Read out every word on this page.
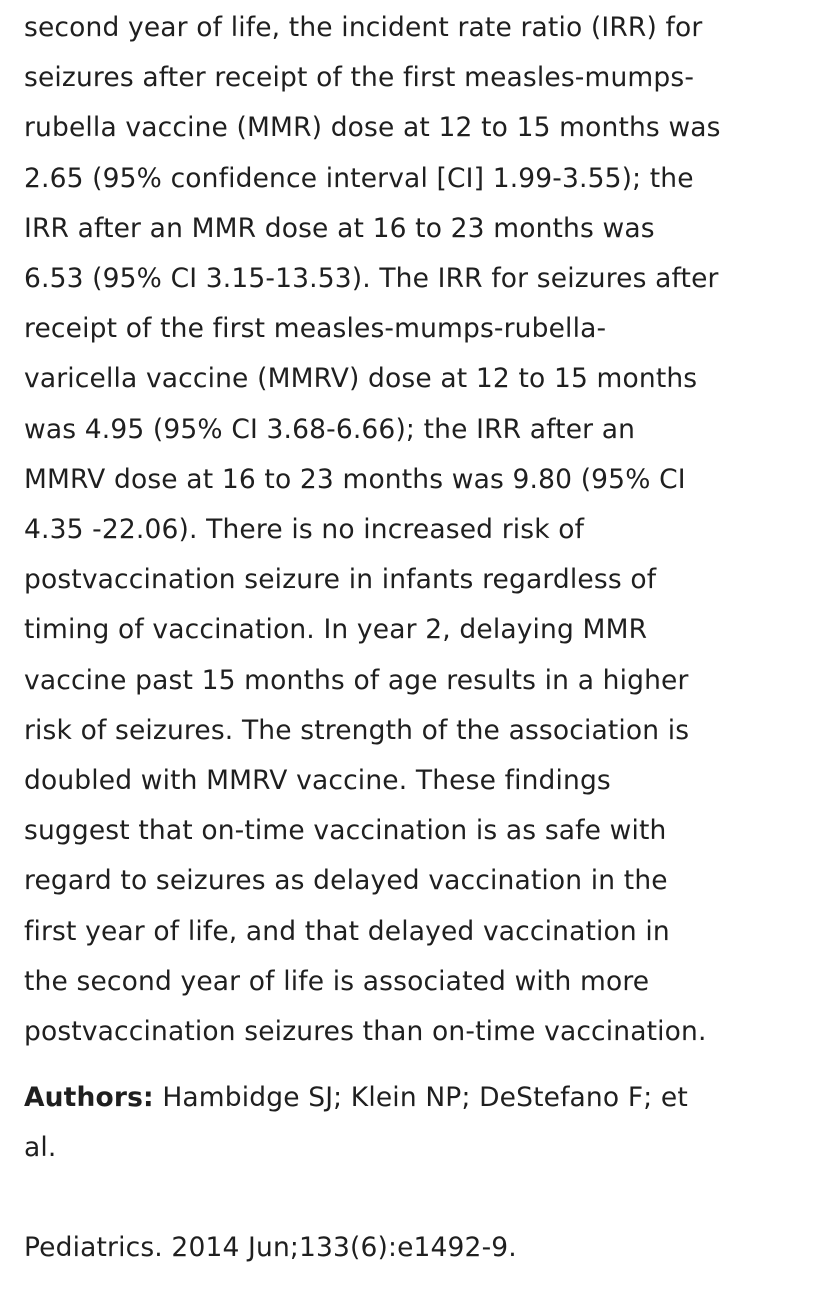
second year of life, the incident rate ratio (IRR) for
seizures after receipt of the first measles-mumps-
rubella vaccine (MMR) dose at 12 to 15 months was
2.65 (95% confidence interval [CI] 1.99-3.55); the
IRR after an MMR dose at 16 to 23 months was
6.53 (95% CI 3.15-13.53). The IRR for seizures after
receipt of the first measles-mumps-rubella-
varicella vaccine (MMRV) dose at 12 to 15 months
was 4.95 (95% CI 3.68-6.66); the IRR after an
MMRV dose at 16 to 23 months was 9.80 (95% CI
4.35 -22.06). There is no increased risk of
postvaccination seizure in infants regardless of
timing of vaccination. In year 2, delaying MMR
vaccine past 15 months of age results in a higher
risk of seizures. The strength of the association is
doubled with MMRV vaccine. These findings
suggest that on-time vaccination is as safe with
regard to seizures as delayed vaccination in the
first year of life, and that delayed vaccination in
the second year of life is associated with more
postvaccination seizures than on-time vaccination.

Authors: Hambidge SJ; Klein NP; DeStefano F; et
al.

Pediatrics. 2014 Jun;133(6):e1492-9.
